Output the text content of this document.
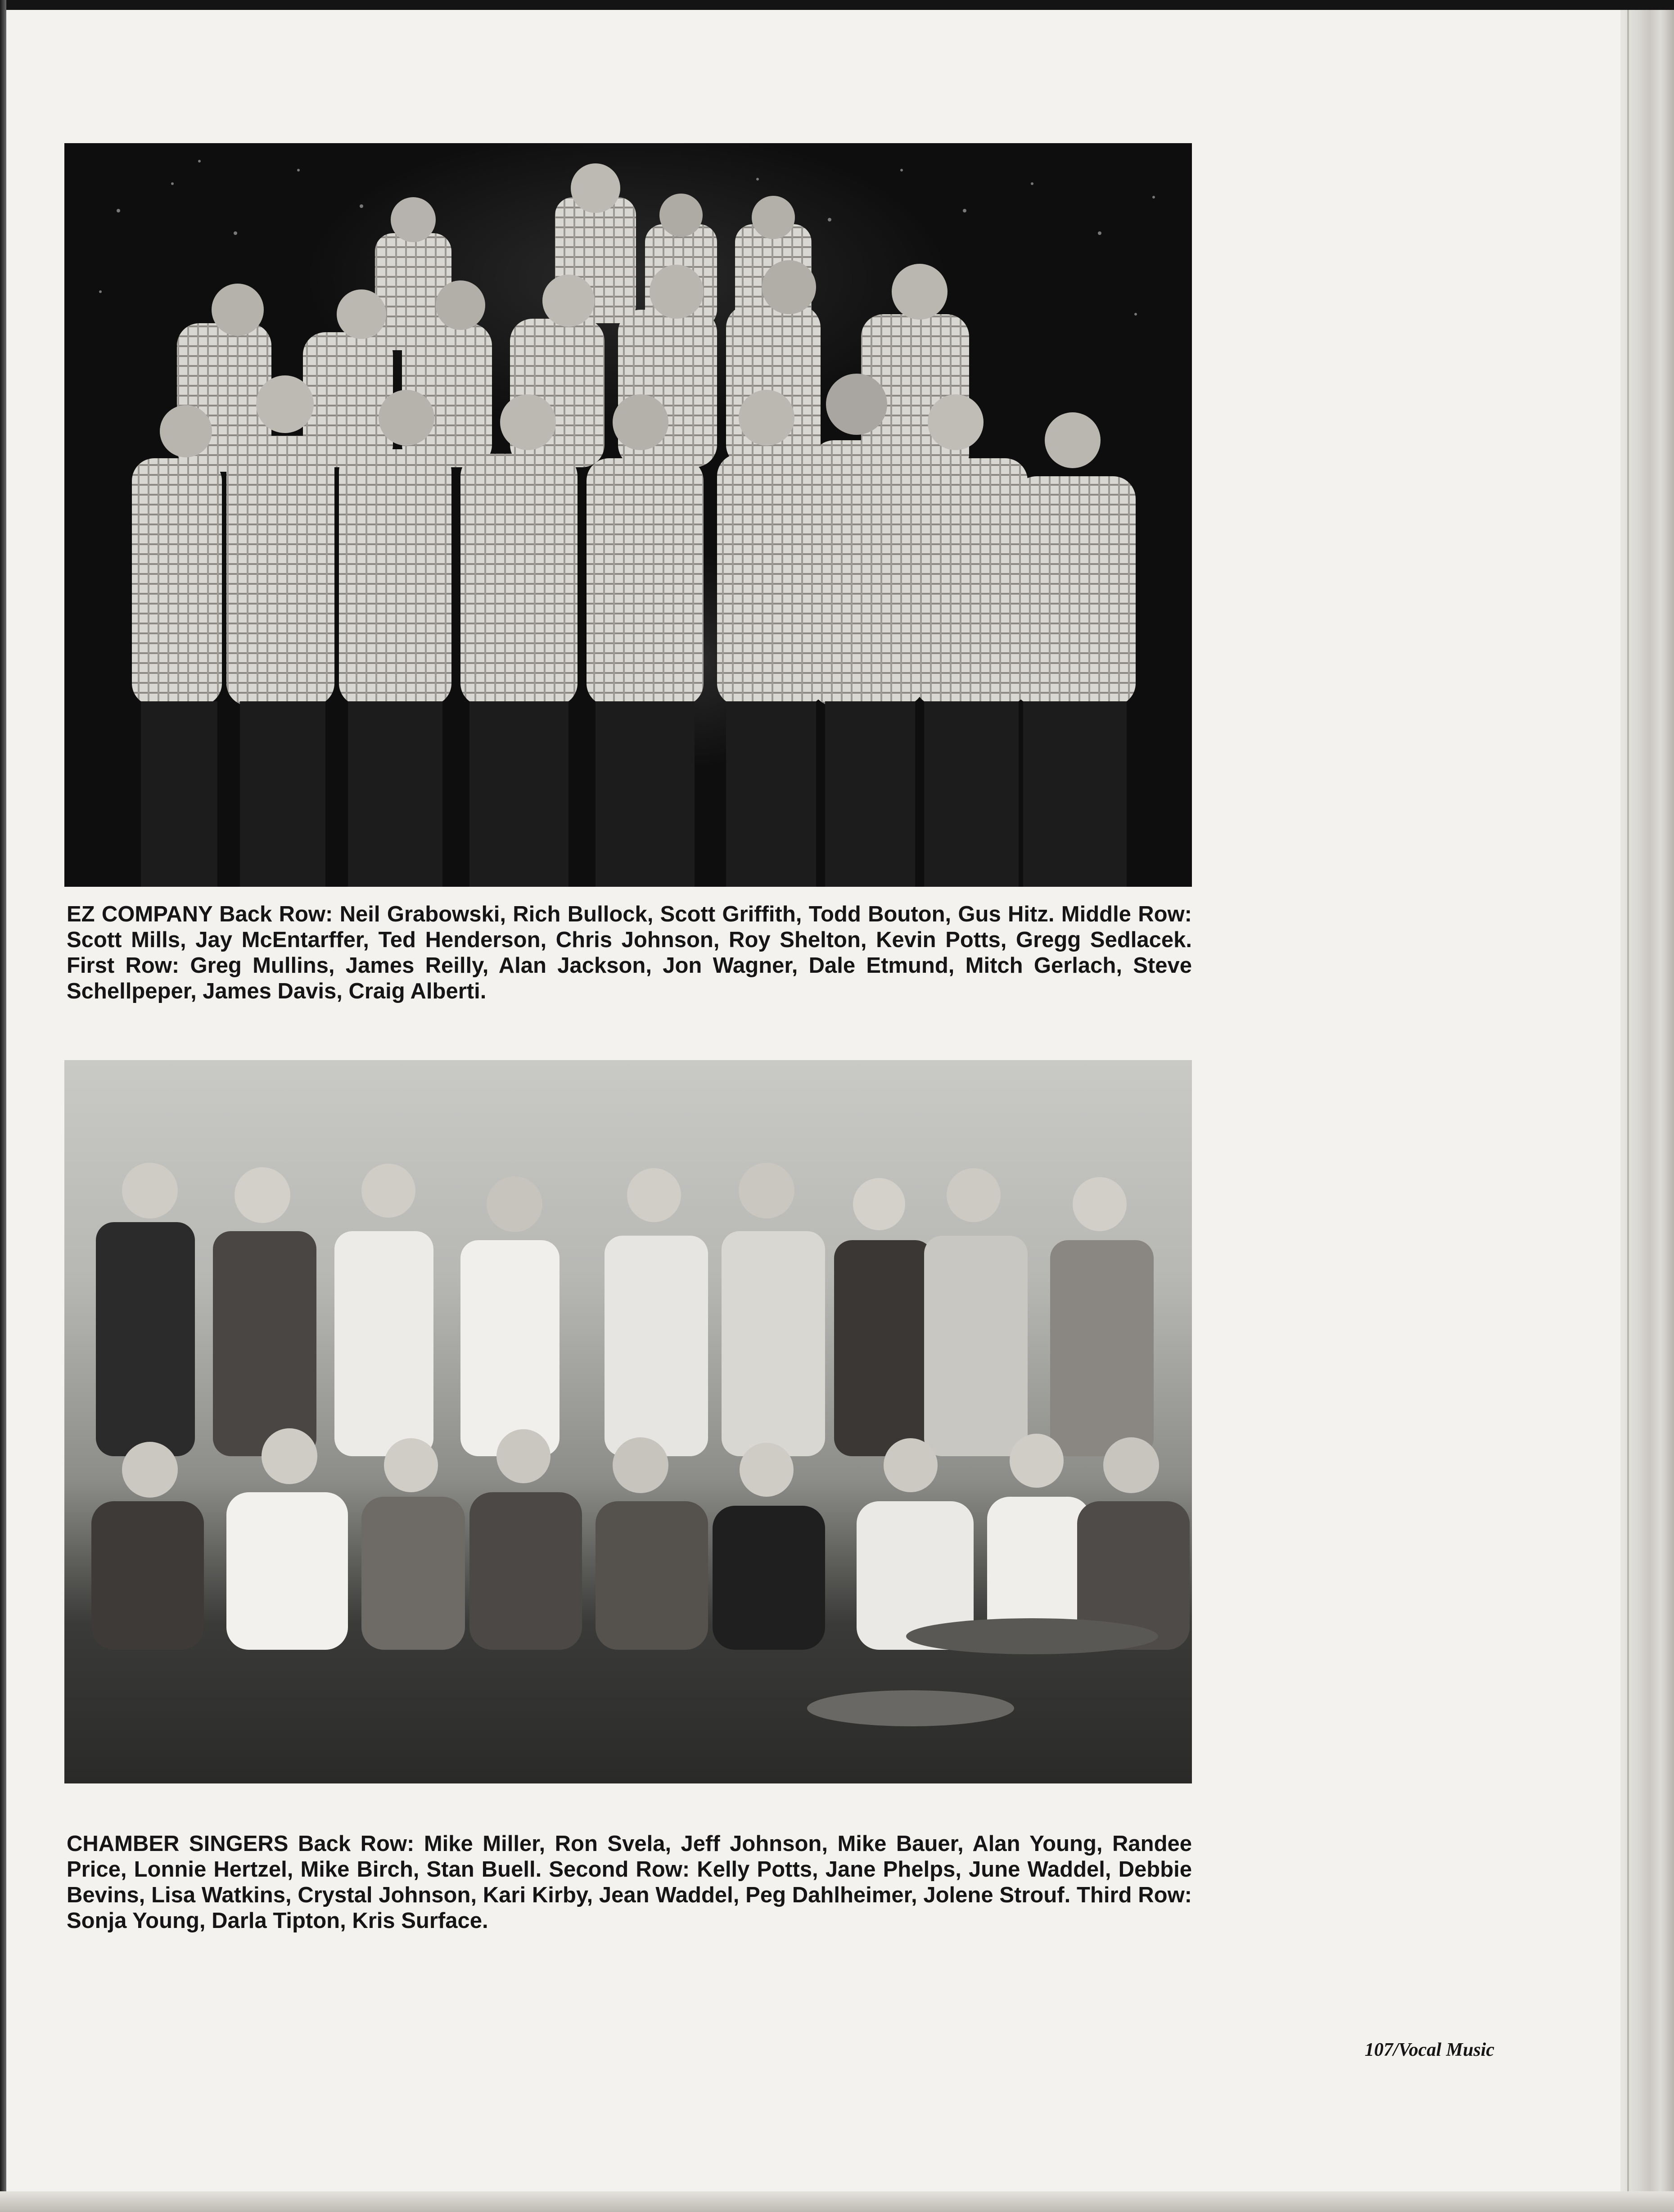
EZ COMPANY Back Row: Neil Grabowski, Rich Bullock, Scott Griffith, Todd Bouton, Gus Hitz. Middle Row: Scott Mills, Jay McEntarffer, Ted Henderson, Chris Johnson, Roy Shelton, Kevin Potts, Gregg Sedlacek. First Row: Greg Mullins, James Reilly, Alan Jackson, Jon Wagner, Dale Etmund, Mitch Gerlach, Steve Schellpeper, James Davis, Craig Alberti.

CHAMBER SINGERS Back Row: Mike Miller, Ron Svela, Jeff Johnson, Mike Bauer, Alan Young, Randee Price, Lonnie Hertzel, Mike Birch, Stan Buell. Second Row: Kelly Potts, Jane Phelps, June Waddel, Debbie Bevins, Lisa Watkins, Crystal Johnson, Kari Kirby, Jean Waddel, Peg Dahlheimer, Jolene Strouf. Third Row: Sonja Young, Darla Tipton, Kris Surface.

107/Vocal Music
